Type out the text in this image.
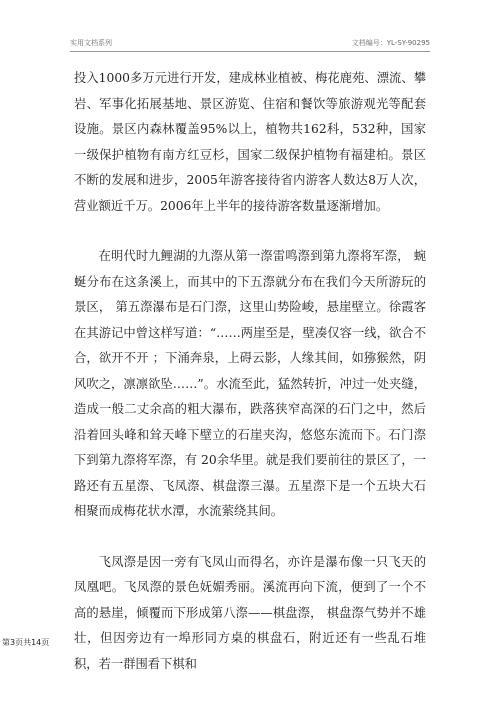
实用文档系列	文档编号：YL-SY-90295

投入1000多万元进行开发，建成林业植被、梅花鹿苑、漂流、攀岩、军事化拓展基地、景区游览、住宿和餐饮等旅游观光等配套设施。景区内森林覆盖95%以上，植物共162科，532种，国家一级保护植物有南方红豆杉，国家二级保护植物有福建柏。景区不断的发展和进步，2005年游客接待省内游客人数达8万人次，营业额近千万。2006年上半年的接待游客数量逐渐增加。

在明代时九鲤湖的九漈从第一漈雷鸣漈到第九漈将军漈， 蜿蜒分布在这条溪上，而其中的下五漈就分布在我们今天所游玩的景区， 第五漈瀑布是石门漈，这里山势险峻，悬崖壁立。徐霞客在其游记中曾这样写道：“……两崖至是，壁凑仅容一线，欲合不合，欲开不开 ；下涌奔泉，上碍云影，人缘其间，如猕猴然，阴风吹之，凛凛欲坠……”。水流至此，猛然转折，冲过一处夹缝，造成一般二丈余高的粗大瀑布，跌落狭窄高深的石门之中，然后沿着回头峰和耸天峰下壁立的石崖夹沟，悠悠东流而下。石门漈下到第九漈将军漈，有 20余华里。就是我们要前往的景区了，一路还有五星漈、飞凤漈、棋盘漈三瀑。五星漈下是一个五块大石相聚而成梅花状水潭，水流萦绕其间。

飞凤漈是因一旁有飞凤山而得名，亦许是瀑布像一只飞天的凤凰吧。飞凤漈的景色妩媚秀丽。溪流再向下流，便到了一个不高的悬崖，倾覆而下形成第八漈——棋盘漈， 棋盘漈气势并不雄壮，但因旁边有一埠形同方桌的棋盘石，附近还有一些乱石堆积，若一群围看下棋和

第3页共14页
